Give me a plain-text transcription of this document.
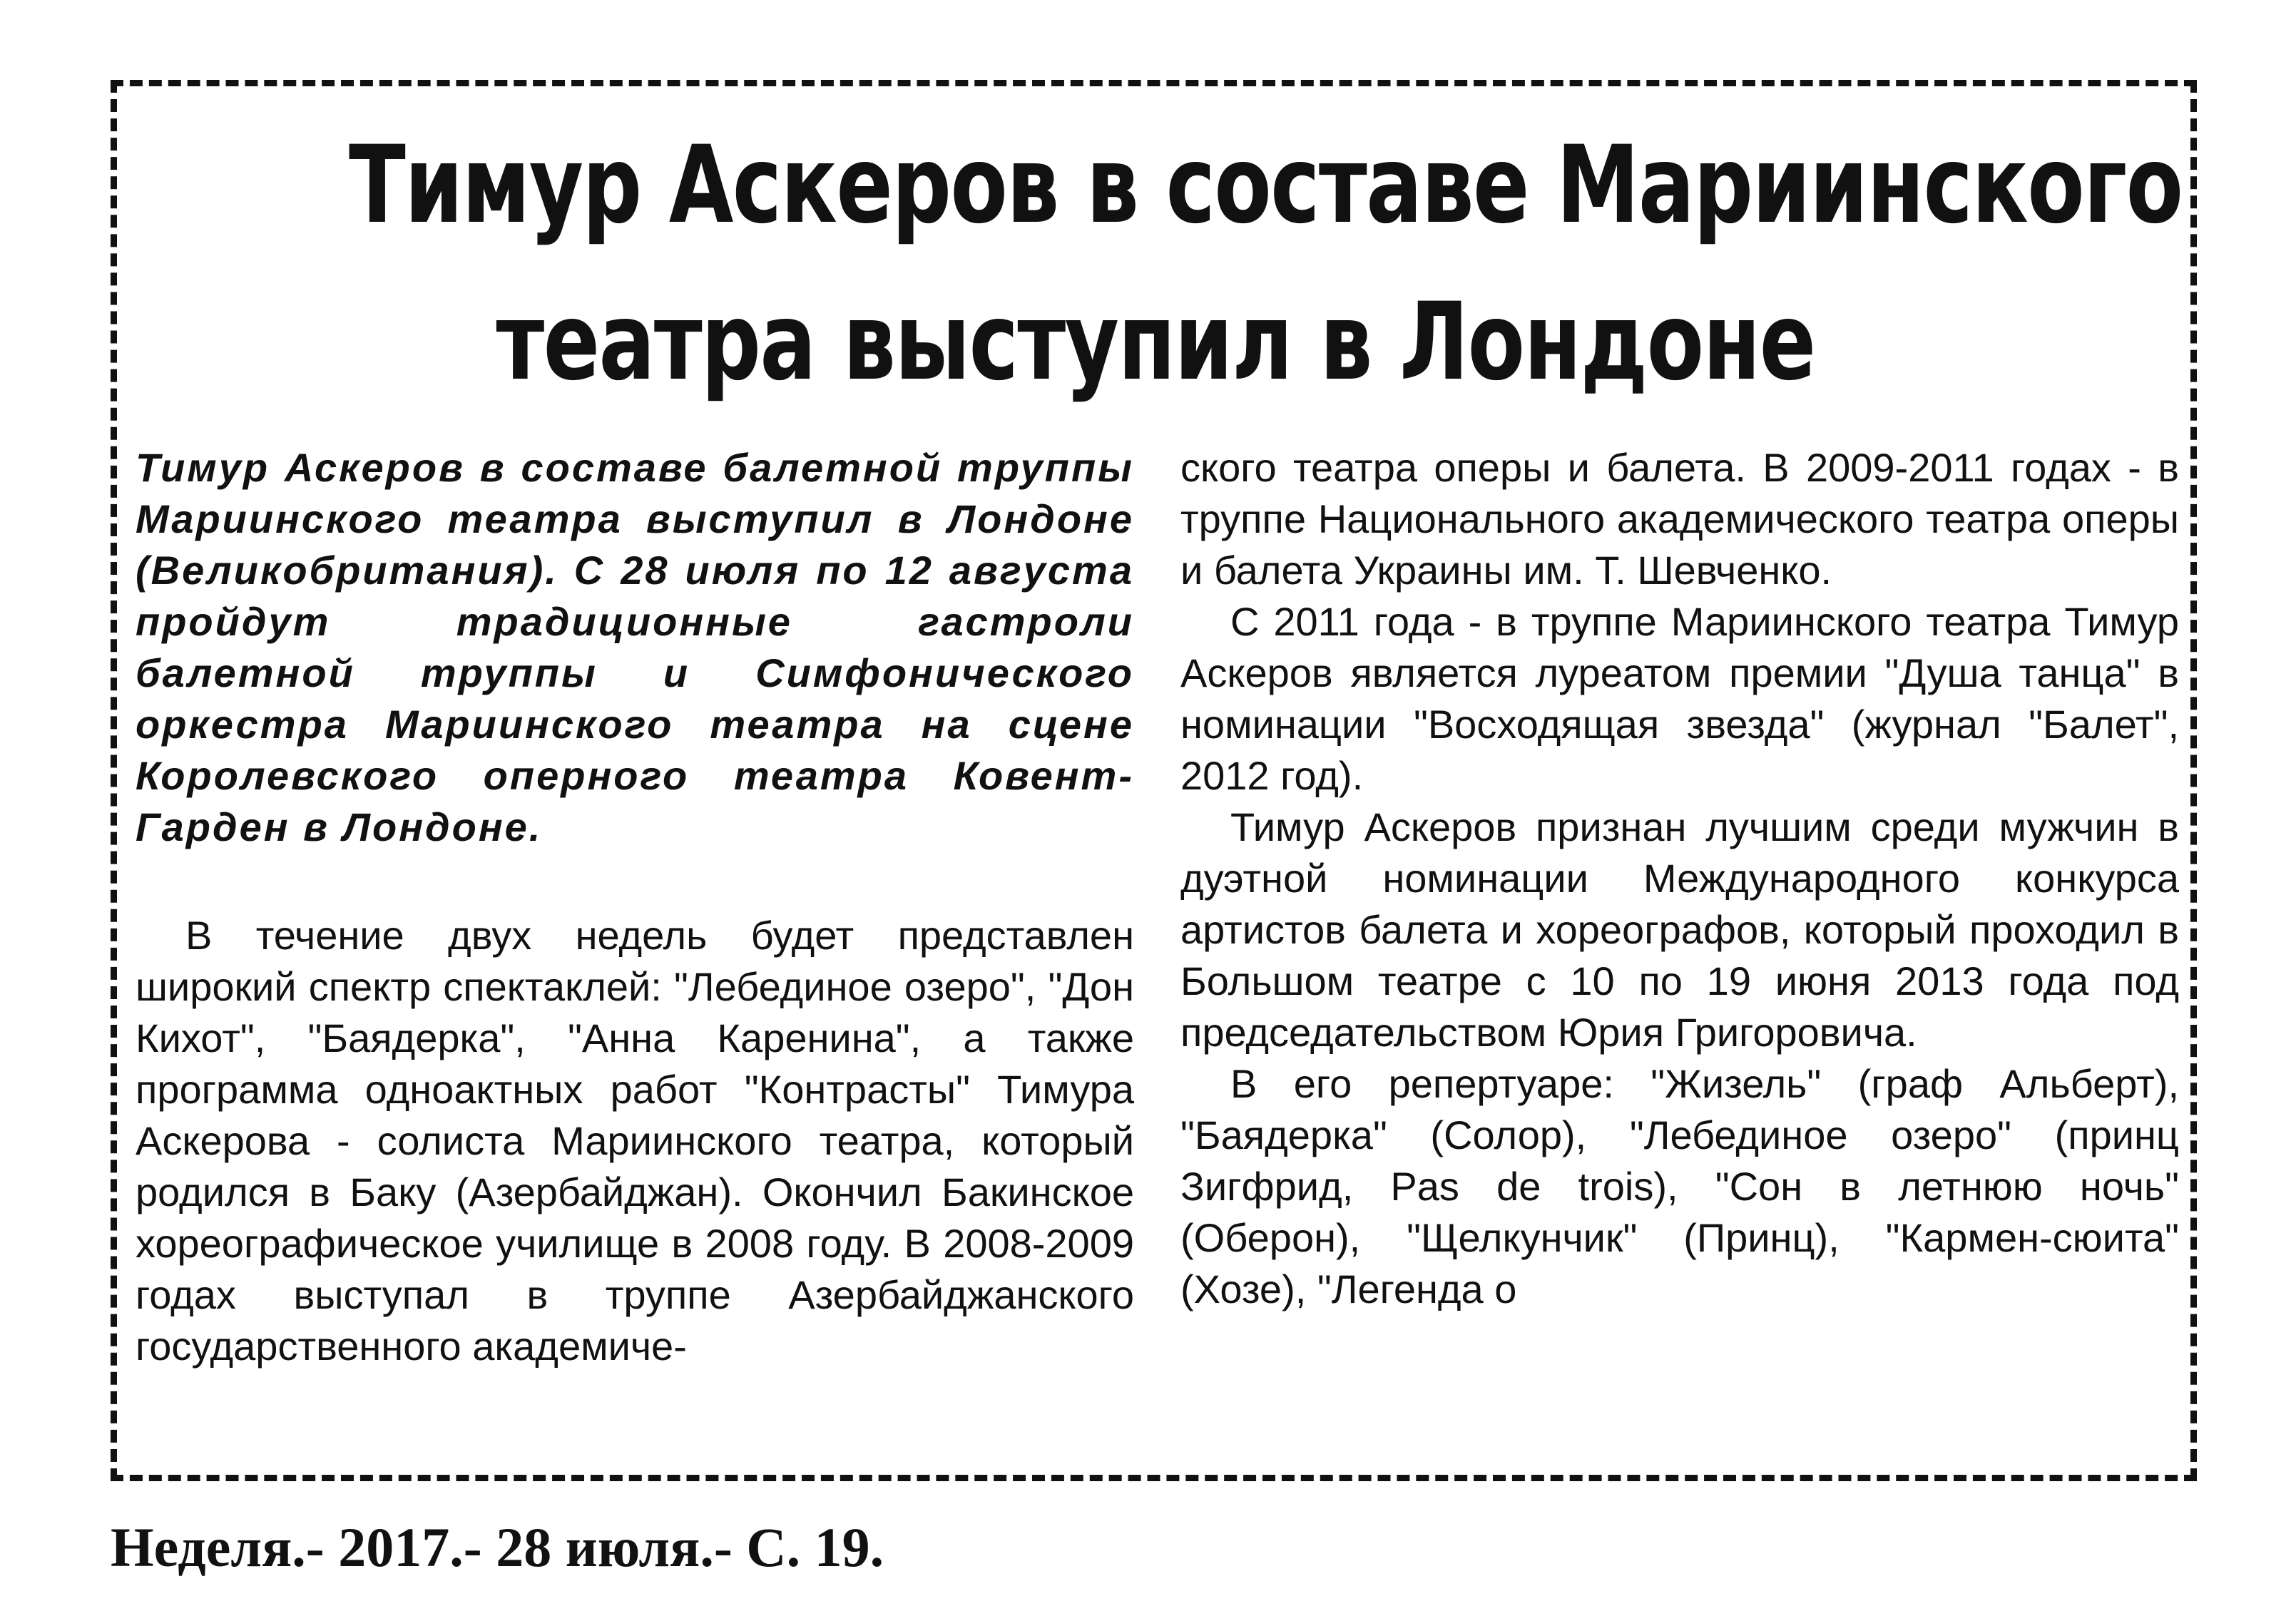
Тимур Аскеров в составе Мариинского
театра выступил в Лондоне

Тимур Аскеров в составе балетной труппы Мариинского театра выступил в Лондоне (Великобритания). С 28 июля по 12 августа пройдут традиционные гастроли балетной труппы и Симфонического оркестра Мариинского театра на сцене Королевского оперного театра Ковент-Гарден в Лондоне.

В течение двух недель будет представлен широкий спектр спектаклей: "Лебединое озеро", "Дон Кихот", "Баядерка", "Анна Каренина", а также программа одноактных работ "Контрасты" Тимура Аскерова - солиста Мариинского театра, который родился в Баку (Азербайджан). Окончил Бакинское хореографическое училище в 2008 году. В 2008-2009 годах выступал в труппе Азербайджанского государственного академиче-

ского театра оперы и балета. В 2009-2011 годах - в труппе Национального академического театра оперы и балета Украины им. Т. Шевченко.

С 2011 года - в труппе Мариинского театра Тимур Аскеров является луреатом премии "Душа танца" в номинации "Восходящая звезда" (журнал "Балет", 2012 год).

Тимур Аскеров признан лучшим среди мужчин в дуэтной номинации Международного конкурса артистов балета и хореографов, который проходил в Большом театре с 10 по 19 июня 2013 года под председательством Юрия Григоровича.

В его репертуаре: "Жизель" (граф Альберт), "Баядерка" (Солор), "Лебединое озеро" (принц Зигфрид, Pas de trois), "Сон в летнюю ночь" (Оберон), "Щелкунчик" (Принц), "Кармен-сюита" (Хозе), "Легенда о

Неделя.- 2017.- 28 июля.- С. 19.
